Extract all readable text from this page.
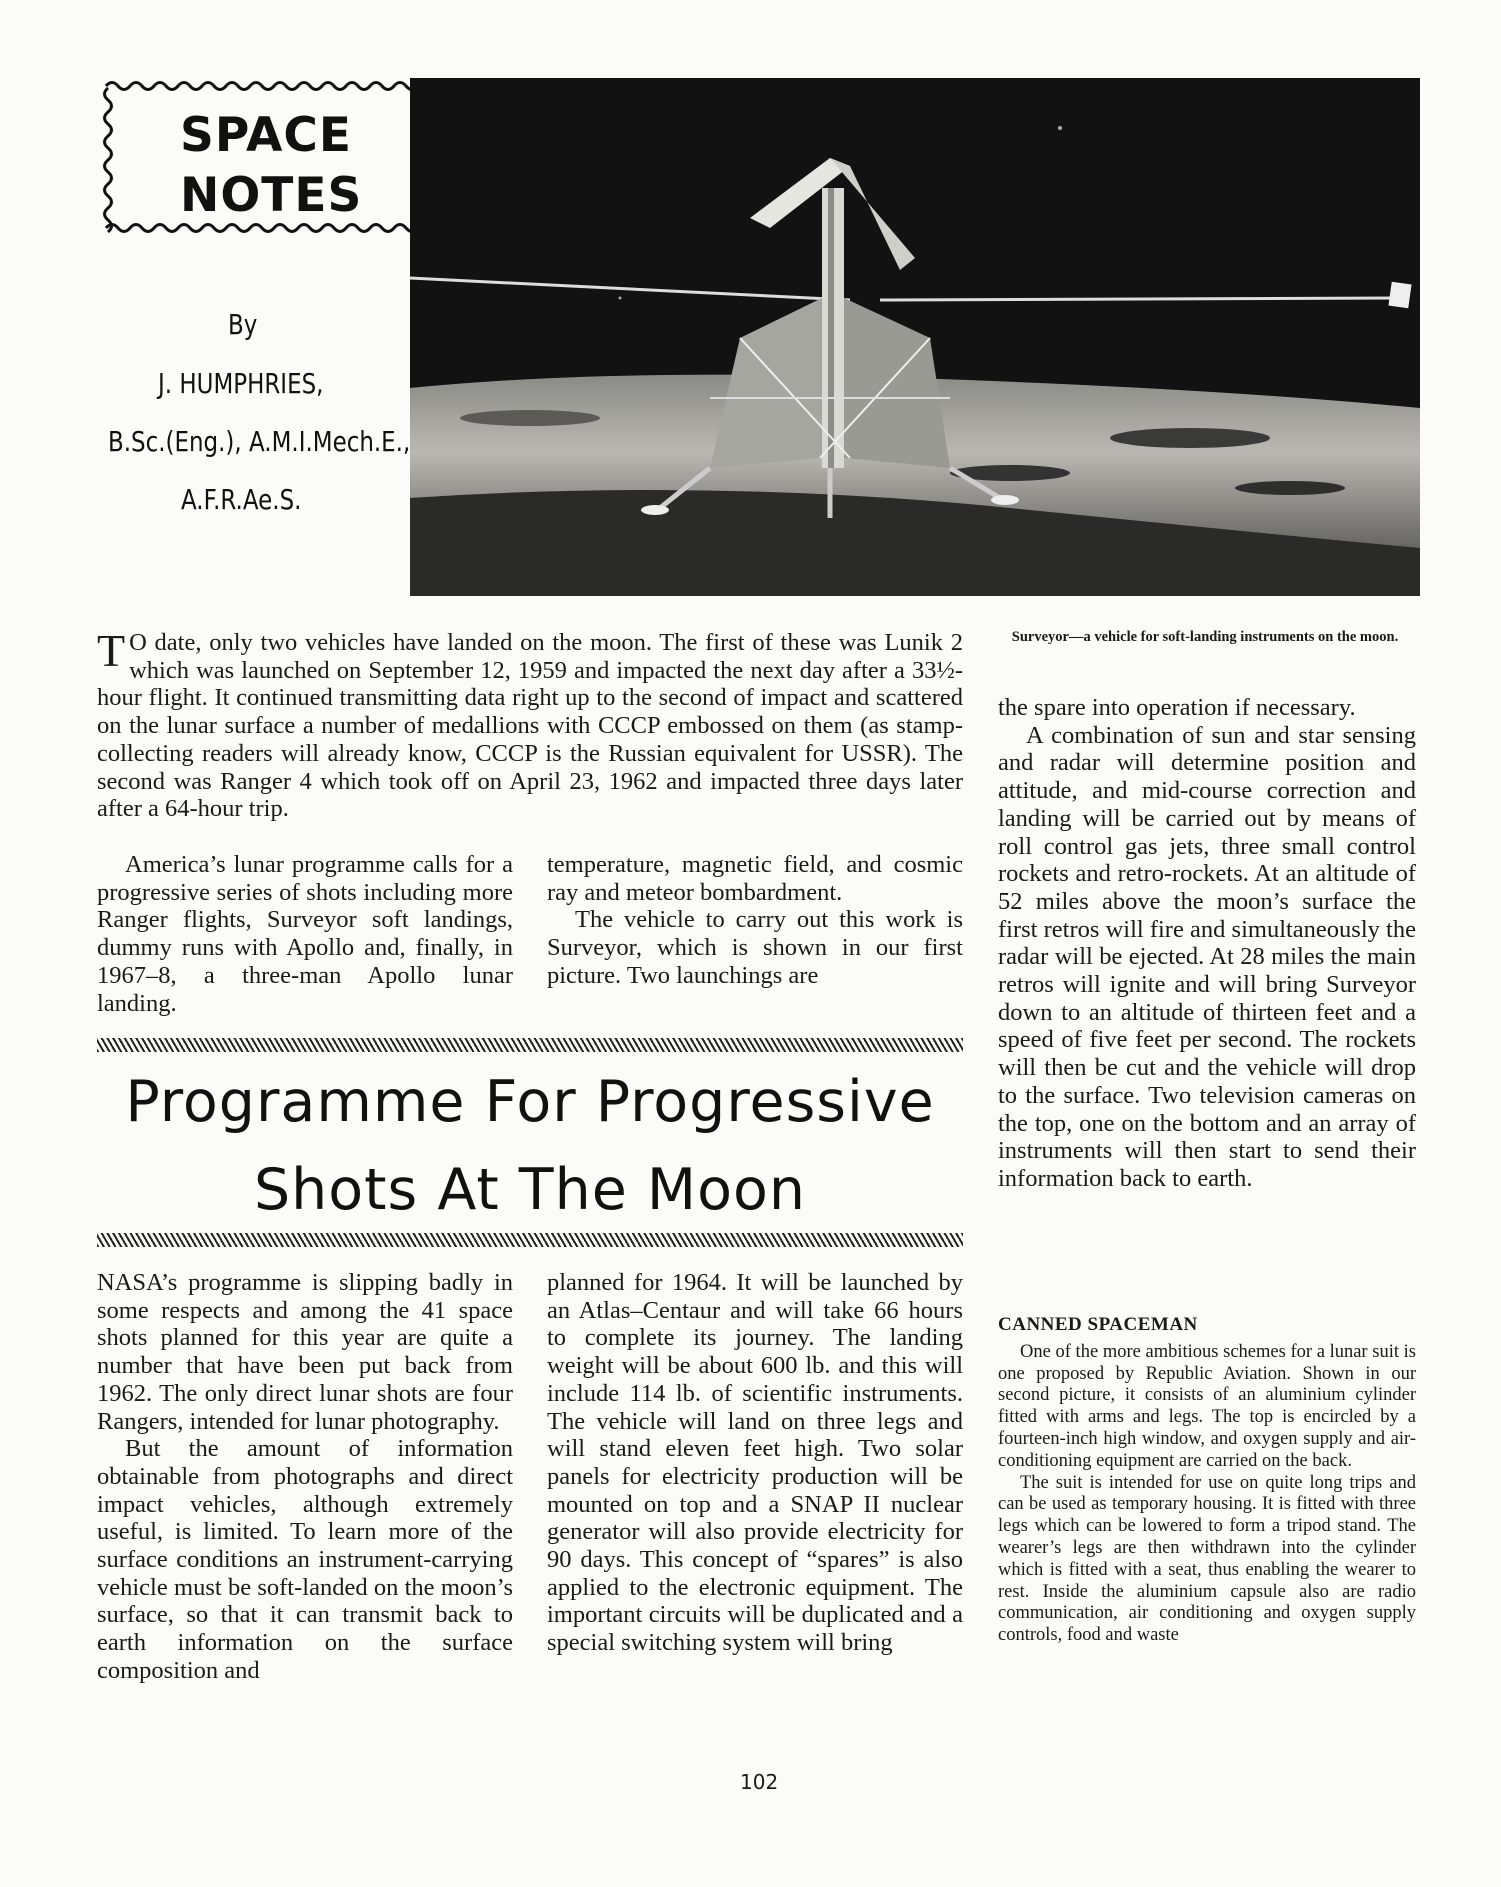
SPACE
NOTES
By
J. HUMPHRIES,
B.Sc.(Eng.), A.M.I.Mech.E.,
A.F.R.Ae.S.
Surveyor—a vehicle for soft-landing instruments on the moon.

T O date, only two vehicles have landed on the moon. The first of these was Lunik 2 which was launched on September 12, 1959 and impacted the next day after a 33½-hour flight. It continued transmitting data right up to the second of impact and scattered on the lunar surface a number of medallions with CCCP embossed on them (as stamp-collecting readers will already know, CCCP is the Russian equivalent for USSR). The second was Ranger 4 which took off on April 23, 1962 and impacted three days later after a 64-hour trip.

America’s lunar programme calls for a progressive series of shots including more Ranger flights, Surveyor soft landings, dummy runs with Apollo and, finally, in 1967–8, a three-man Apollo lunar landing.

temperature, magnetic field, and cosmic ray and meteor bombardment.

The vehicle to carry out this work is Surveyor, which is shown in our first picture. Two launchings are

Programme For Progressive
Shots At The Moon

NASA’s programme is slipping badly in some respects and among the 41 space shots planned for this year are quite a number that have been put back from 1962. The only direct lunar shots are four Rangers, intended for lunar photography.

But the amount of information obtainable from photographs and direct impact vehicles, although extremely useful, is limited. To learn more of the surface conditions an instrument-carrying vehicle must be soft-landed on the moon’s surface, so that it can transmit back to earth information on the surface composition and

planned for 1964. It will be launched by an Atlas–Centaur and will take 66 hours to complete its journey. The landing weight will be about 600 lb. and this will include 114 lb. of scientific instruments. The vehicle will land on three legs and will stand eleven feet high. Two solar panels for electricity production will be mounted on top and a SNAP II nuclear generator will also provide electricity for 90 days. This concept of “spares” is also applied to the electronic equipment. The important circuits will be duplicated and a special switching system will bring

the spare into operation if necessary.

A combination of sun and star sensing and radar will determine position and attitude, and mid-course correction and landing will be carried out by means of roll control gas jets, three small control rockets and retro-rockets. At an altitude of 52 miles above the moon’s surface the first retros will fire and simultaneously the radar will be ejected. At 28 miles the main retros will ignite and will bring Surveyor down to an altitude of thirteen feet and a speed of five feet per second. The rockets will then be cut and the vehicle will drop to the surface. Two television cameras on the top, one on the bottom and an array of instruments will then start to send their information back to earth.

CANNED SPACEMAN

One of the more ambitious schemes for a lunar suit is one proposed by Republic Aviation. Shown in our second picture, it consists of an aluminium cylinder fitted with arms and legs. The top is encircled by a fourteen-inch high window, and oxygen supply and air-conditioning equipment are carried on the back.

The suit is intended for use on quite long trips and can be used as temporary housing. It is fitted with three legs which can be lowered to form a tripod stand. The wearer’s legs are then withdrawn into the cylinder which is fitted with a seat, thus enabling the wearer to rest. Inside the aluminium capsule also are radio communication, air conditioning and oxygen supply controls, food and waste

102
